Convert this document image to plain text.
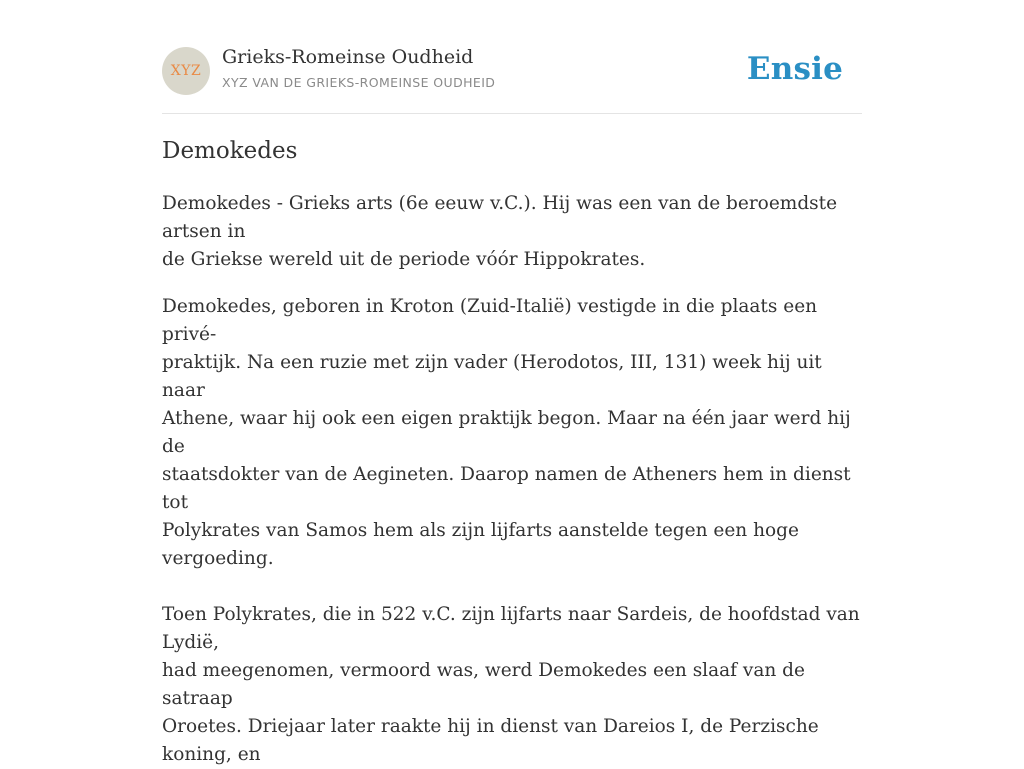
XYZ
Grieks-Romeinse Oudheid
XYZ VAN DE GRIEKS-ROMEINSE OUDHEID	Ensie
Demokedes

Demokedes - Grieks arts (6e eeuw v.C.). Hij was een van de beroemdste artsen in
de Griekse wereld uit de periode vóór Hippokrates.

Demokedes, geboren in Kroton (Zuid-Italië) vestigde in die plaats een privé-
praktijk. Na een ruzie met zijn vader (Herodotos, III, 131) week hij uit naar
Athene, waar hij ook een eigen praktijk begon. Maar na één jaar werd hij de
staatsdokter van de Aegineten. Daarop namen de Atheners hem in dienst tot
Polykrates van Samos hem als zijn lijfarts aanstelde tegen een hoge vergoeding.

Toen Polykrates, die in 522 v.C. zijn lijfarts naar Sardeis, de hoofdstad van Lydië,
had meegenomen, vermoord was, werd Demokedes een slaaf van de satraap
Oroetes. Driejaar later raakte hij in dienst van Dareios I, de Perzische koning, en
